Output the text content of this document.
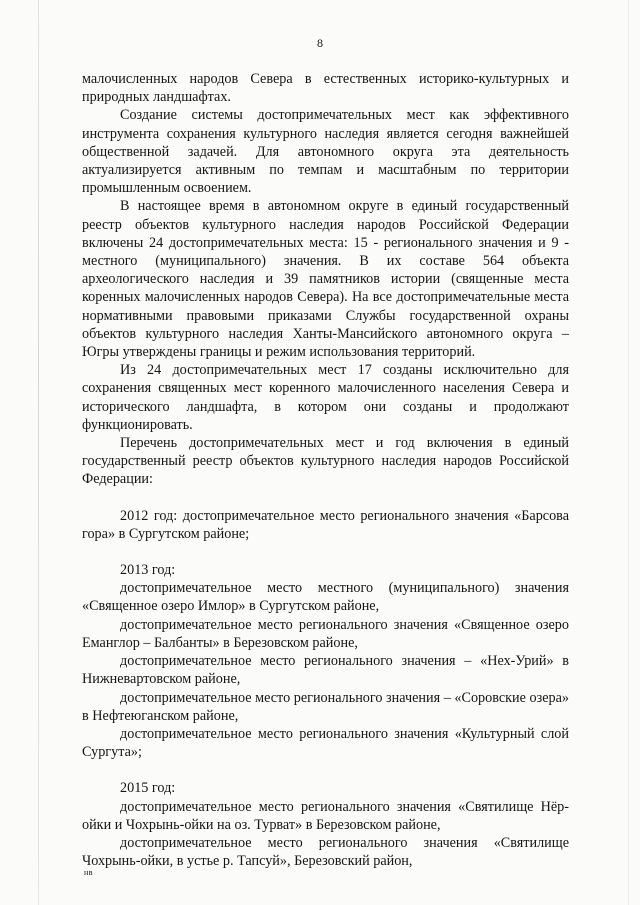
8

малочисленных народов Севера в естественных историко-культурных и природных ландшафтах.

Создание системы достопримечательных мест как эффективного инструмента сохранения культурного наследия является сегодня важнейшей общественной задачей. Для автономного округа эта деятельность актуализируется активным по темпам и масштабным по территории промышленным освоением.

В настоящее время в автономном округе в единый государственный реестр объектов культурного наследия народов Российской Федерации включены 24 достопримечательных места: 15 - регионального значения и 9 - местного (муниципального) значения. В их составе 564 объекта археологического наследия и 39 памятников истории (священные места коренных малочисленных народов Севера). На все достопримечательные места нормативными правовыми приказами Службы государственной охраны объектов культурного наследия Ханты-Мансийского автономного округа – Югры утверждены границы и режим использования территорий.

Из 24 достопримечательных мест 17 созданы исключительно для сохранения священных мест коренного малочисленного населения Севера и исторического ландшафта, в котором они созданы и продолжают функционировать.

Перечень достопримечательных мест и год включения в единый государственный реестр объектов культурного наследия народов Российской Федерации:

2012 год: достопримечательное место регионального значения «Барсова гора» в Сургутском районе;

2013 год:

достопримечательное место местного (муниципального) значения «Священное озеро Имлор» в Сургутском районе,

достопримечательное место регионального значения «Священное озеро Еманглор – Балбанты» в Березовском районе,

достопримечательное место регионального значения – «Нех-Урий» в Нижневартовском районе,

достопримечательное место регионального значения – «Соровские озера» в Нефтеюганском районе,

достопримечательное место регионального значения «Культурный слой Сургута»;

2015 год:

достопримечательное место регионального значения «Святилище Нёр-ойки и Чохрынь-ойки на оз. Турват» в Березовском районе,

достопримечательное место регионального значения «Святилище Чохрынь-ойки, в устье р. Тапсуй», Березовский район,

нв
